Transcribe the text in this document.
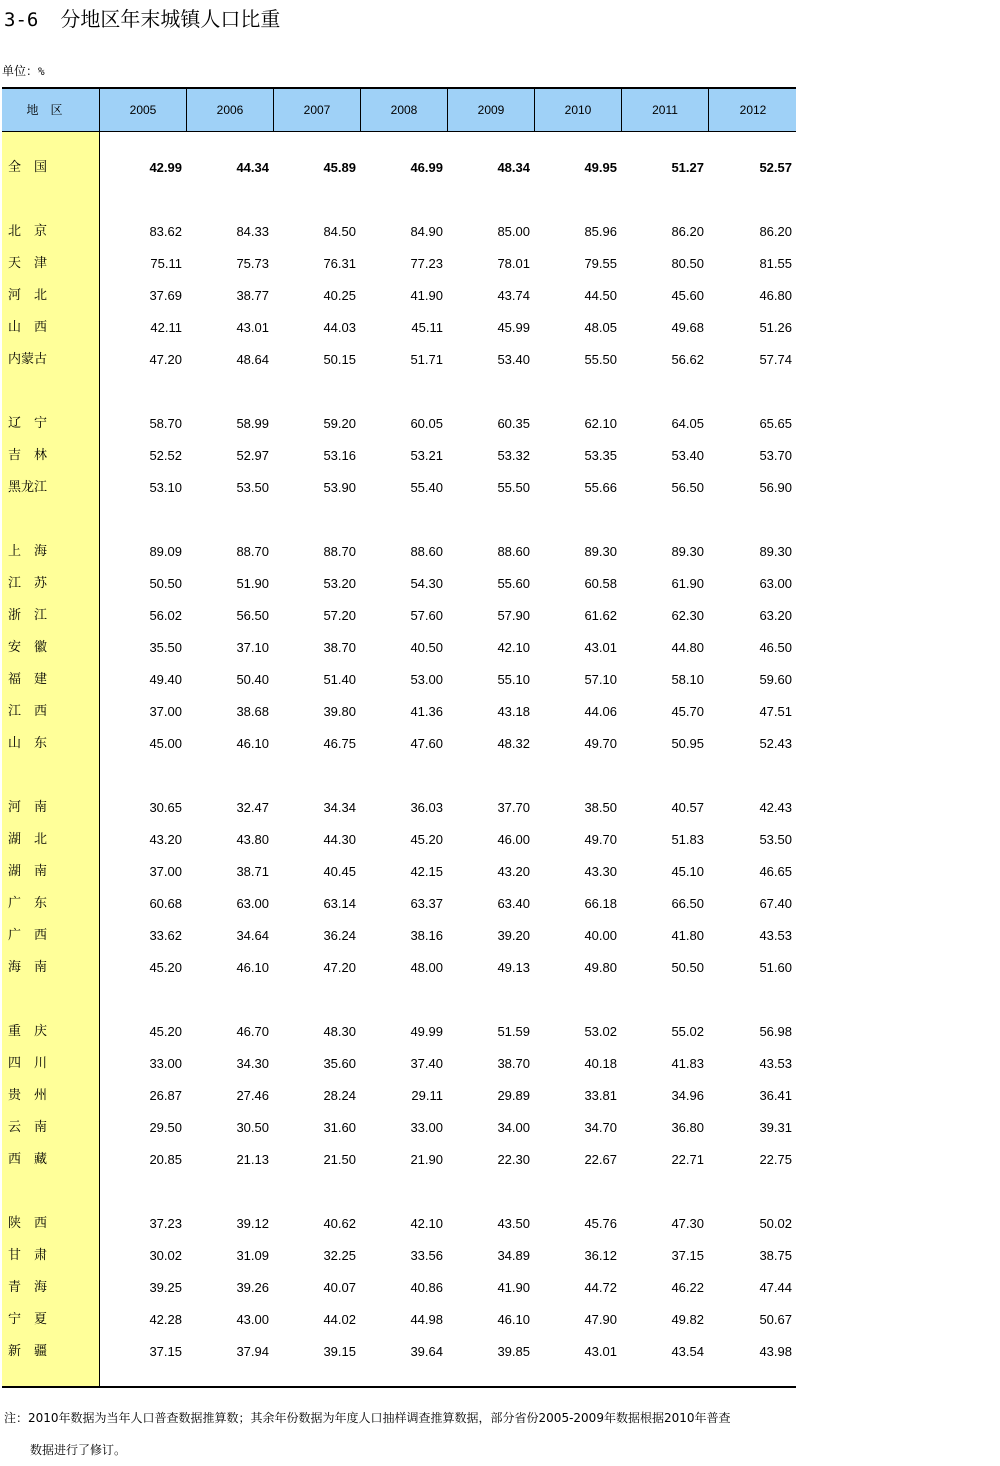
3-6 分地区年末城镇人口比重
单位：%
地区	2005	2006	2007	2008	2009	2010	2011	2012
全国	42.99	44.34	45.89	46.99	48.34	49.95	51.27	52.57
北京	83.62	84.33	84.50	84.90	85.00	85.96	86.20	86.20
天津	75.11	75.73	76.31	77.23	78.01	79.55	80.50	81.55
河北	37.69	38.77	40.25	41.90	43.74	44.50	45.60	46.80
山西	42.11	43.01	44.03	45.11	45.99	48.05	49.68	51.26
内蒙古	47.20	48.64	50.15	51.71	53.40	55.50	56.62	57.74
辽宁	58.70	58.99	59.20	60.05	60.35	62.10	64.05	65.65
吉林	52.52	52.97	53.16	53.21	53.32	53.35	53.40	53.70
黑龙江	53.10	53.50	53.90	55.40	55.50	55.66	56.50	56.90
上海	89.09	88.70	88.70	88.60	88.60	89.30	89.30	89.30
江苏	50.50	51.90	53.20	54.30	55.60	60.58	61.90	63.00
浙江	56.02	56.50	57.20	57.60	57.90	61.62	62.30	63.20
安徽	35.50	37.10	38.70	40.50	42.10	43.01	44.80	46.50
福建	49.40	50.40	51.40	53.00	55.10	57.10	58.10	59.60
江西	37.00	38.68	39.80	41.36	43.18	44.06	45.70	47.51
山东	45.00	46.10	46.75	47.60	48.32	49.70	50.95	52.43
河南	30.65	32.47	34.34	36.03	37.70	38.50	40.57	42.43
湖北	43.20	43.80	44.30	45.20	46.00	49.70	51.83	53.50
湖南	37.00	38.71	40.45	42.15	43.20	43.30	45.10	46.65
广东	60.68	63.00	63.14	63.37	63.40	66.18	66.50	67.40
广西	33.62	34.64	36.24	38.16	39.20	40.00	41.80	43.53
海南	45.20	46.10	47.20	48.00	49.13	49.80	50.50	51.60
重庆	45.20	46.70	48.30	49.99	51.59	53.02	55.02	56.98
四川	33.00	34.30	35.60	37.40	38.70	40.18	41.83	43.53
贵州	26.87	27.46	28.24	29.11	29.89	33.81	34.96	36.41
云南	29.50	30.50	31.60	33.00	34.00	34.70	36.80	39.31
西藏	20.85	21.13	21.50	21.90	22.30	22.67	22.71	22.75
陕西	37.23	39.12	40.62	42.10	43.50	45.76	47.30	50.02
甘肃	30.02	31.09	32.25	33.56	34.89	36.12	37.15	38.75
青海	39.25	39.26	40.07	40.86	41.90	44.72	46.22	47.44
宁夏	42.28	43.00	44.02	44.98	46.10	47.90	49.82	50.67
新疆	37.15	37.94	39.15	39.64	39.85	43.01	43.54	43.98
注：2010年数据为当年人口普查数据推算数；其余年份数据为年度人口抽样调查推算数据，部分省份2005-2009年数据根据2010年普查
数据进行了修订。
